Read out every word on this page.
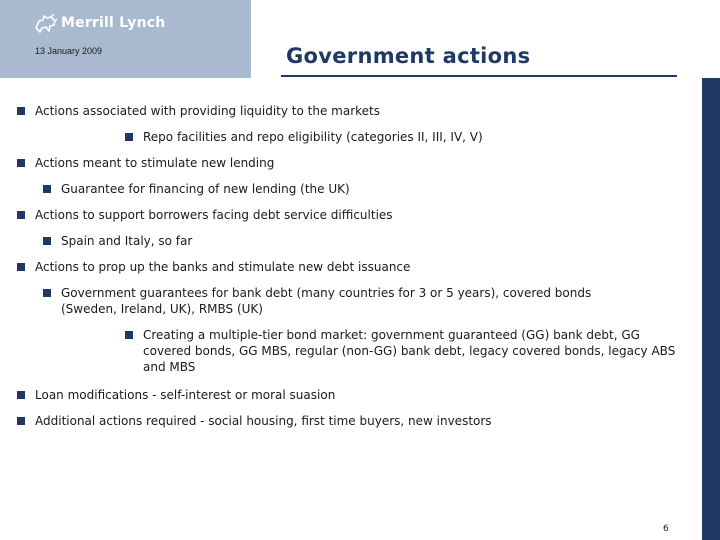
Merrill Lynch
13 January 2009	Government actions
Actions associated with providing liquidity to the markets
Repo facilities and repo eligibility (categories II, III, IV, V)
Actions meant to stimulate new lending
Guarantee for financing of new lending (the UK)
Actions to support borrowers facing debt service difficulties
Spain and Italy, so far
Actions to prop up the banks and stimulate new debt issuance
Government guarantees for bank debt (many countries for 3 or 5 years), covered bonds (Sweden, Ireland, UK), RMBS (UK)
Creating a multiple-tier bond market: government guaranteed (GG) bank debt, GG covered bonds, GG MBS, regular (non-GG) bank debt, legacy covered bonds, legacy ABS and MBS
Loan modifications - self-interest or moral suasion
Additional actions required - social housing, first time buyers, new investors
6
